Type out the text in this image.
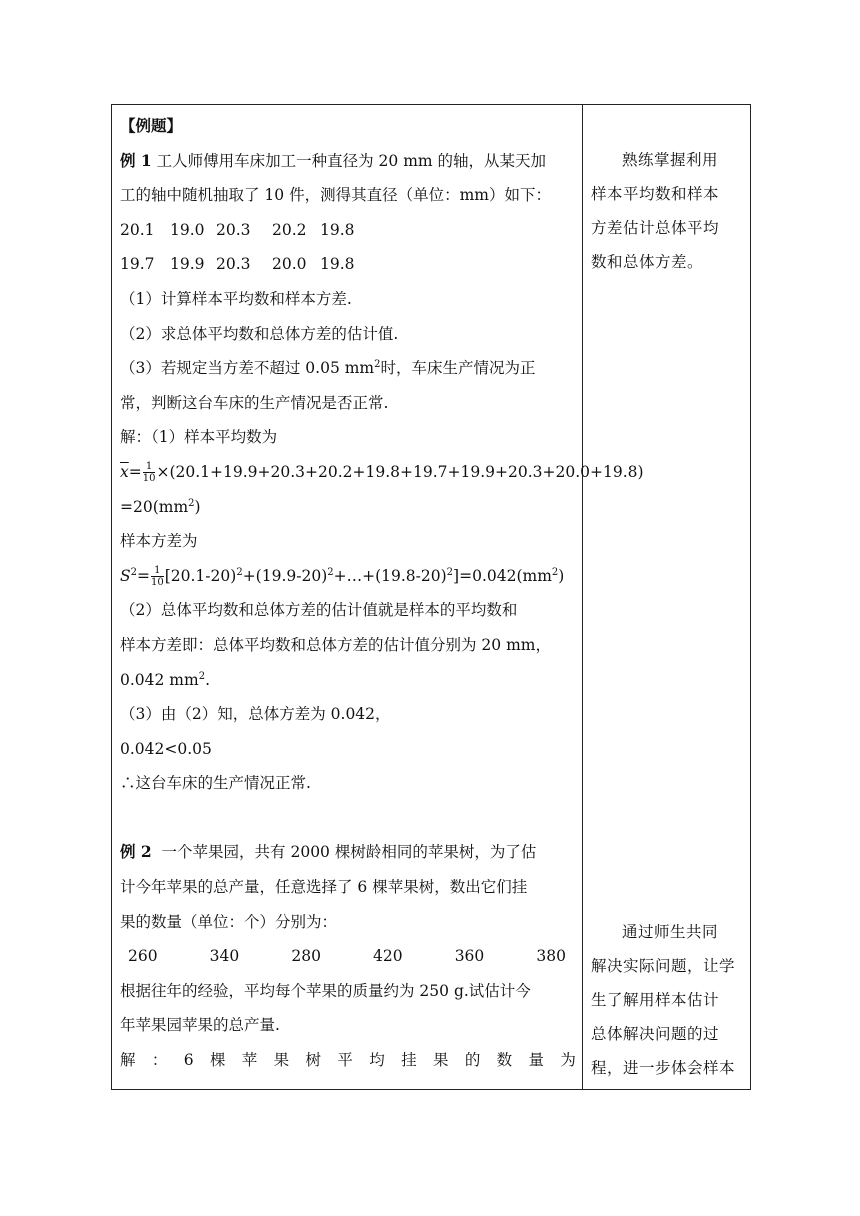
【例题】
例 1 工人师傅用车床加工一种直径为 20 mm 的轴，从某天加
工的轴中随机抽取了 10 件，测得其直径（单位：mm）如下：
20.1 19.0 20.3	20.2 19.8
19.7 19.9 20.3	20.0 19.8
（1）计算样本平均数和样本方差.
（2）求总体平均数和总体方差的估计值.
（3）若规定当方差不超过 0.05 $mm^2$时，车床生产情况为正
常，判断这台车床的生产情况是否正常.
解：（1）样本平均数为
$\overline{x}= \frac{1}{10} \times(20.1+19.9+20.3+20.2+19.8+19.7+19.9+20.3+20.0+19.8)$
$=20(mm^2)$
样本方差为
$S^2= \frac{1}{10}$ $[20.1-20)^2+(19.9-20)^2+\dots+(19.8-20)^2]=0.042(mm^2)$
（2）总体平均数和总体方差的估计值就是样本的平均数和
样本方差即：总体平均数和总体方差的估计值分别为 20 mm，
0.042 $mm^2$.
（3）由（2）知，总体方差为 0.042，
0.042<0.05
∴这台车床的生产情况正常.
例 2 一个苹果园，共有 2000 棵树龄相同的苹果树，为了估
计今年苹果的总产量，任意选择了 6 棵苹果树，数出它们挂
果的数量（单位：个）分别为：
260	340	280	420	360	380
根据往年的经验，平均每个苹果的质量约为 250 g.试估计今
年苹果园苹果的总产量.
解 ： 6 棵 苹 果 树 平 均 挂 果 的 数 量 为
熟练掌握利用
样本平均数和样本
方差估计总体平均
数和总体方差。
通过师生共同
解决实际问题，让学
生了解用样本估计
总体解决问题的过
程，进一步体会样本
